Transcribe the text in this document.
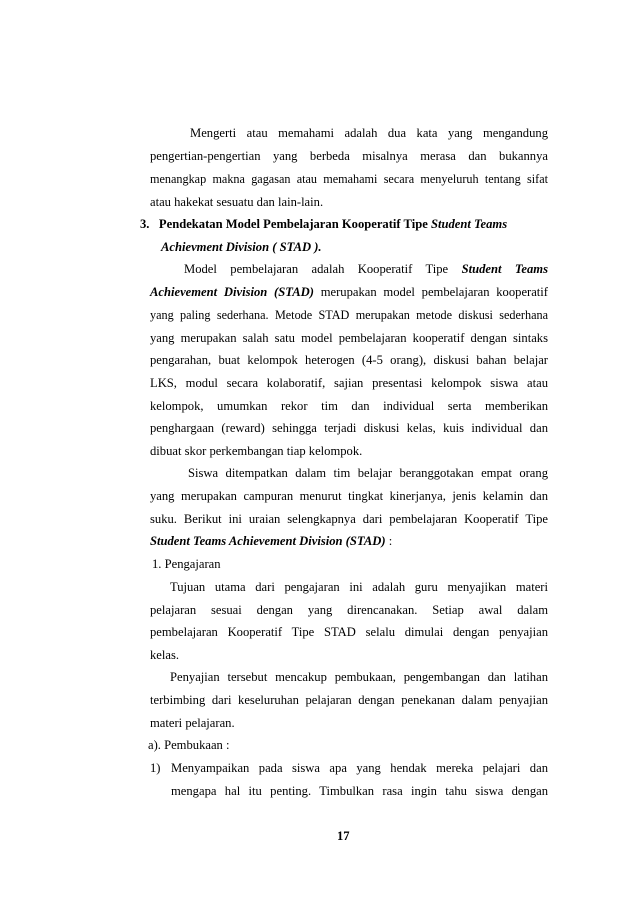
Mengerti atau memahami adalah dua kata yang mengandung

pengertian-pengertian yang berbeda misalnya merasa dan bukannya

menangkap makna gagasan atau memahami secara menyeluruh tentang sifat

atau hakekat sesuatu dan lain-lain.

3. Pendekatan Model Pembelajaran Kooperatif Tipe Student Teams

Achievment Division ( STAD ).

Model pembelajaran adalah Kooperatif Tipe Student Teams

Achievement Division (STAD) merupakan model pembelajaran kooperatif

yang paling sederhana. Metode STAD merupakan metode diskusi sederhana

yang merupakan salah satu model pembelajaran kooperatif dengan sintaks

pengarahan, buat kelompok heterogen (4-5 orang), diskusi bahan belajar

LKS, modul secara kolaboratif, sajian presentasi kelompok siswa atau

kelompok, umumkan rekor tim dan individual serta memberikan

penghargaan (reward) sehingga terjadi diskusi kelas, kuis individual dan

dibuat skor perkembangan tiap kelompok.

Siswa ditempatkan dalam tim belajar beranggotakan empat orang

yang merupakan campuran menurut tingkat kinerjanya, jenis kelamin dan

suku. Berikut ini uraian selengkapnya dari pembelajaran Kooperatif Tipe

Student Teams Achievement Division (STAD) :

1. Pengajaran

Tujuan utama dari pengajaran ini adalah guru menyajikan materi

pelajaran sesuai dengan yang direncanakan. Setiap awal dalam

pembelajaran Kooperatif Tipe STAD selalu dimulai dengan penyajian

kelas.

Penyajian tersebut mencakup pembukaan, pengembangan dan latihan

terbimbing dari keseluruhan pelajaran dengan penekanan dalam penyajian

materi pelajaran.

a). Pembukaan :

1) Menyampaikan pada siswa apa yang hendak mereka pelajari dan

mengapa hal itu penting. Timbulkan rasa ingin tahu siswa dengan

17
